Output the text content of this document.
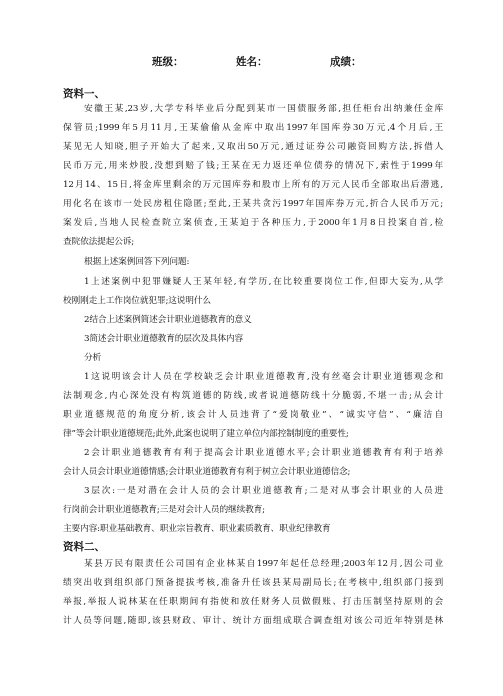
班级：	姓名：	成绩：
资料一、
安徽王某,23岁,大学专科毕业后分配到某市一国债服务部,担任柜台出纳兼任金库
保管员;1999年5月11月,王某偷偷从金库中取出1997年国库券30万元,4个月后,王
某见无人知晓,胆子开始大了起来,又取出50万元,通过证券公司融资回购方法,拆借人
民币万元,用来炒股,没想到赔了钱;王某在无力返还单位债券的情况下,索性于1999年
12月14、15日,将金库里剩余的万元国库券和股市上所有的万元人民币全部取出后潜逃,
用化名在该市一处民房租住隐匿;至此,王某共贪污1997年国库券万元,折合人民币万元;
案发后,当地人民检查院立案侦查,王某迫于各种压力,于2000年1月8日投案自首,检
查院依法提起公诉;
根据上述案例回答下列问题:
1上述案例中犯罪嫌疑人王某年轻,有学历,在比较重要岗位工作,但即大妄为,从学
校刚刚走上工作岗位就犯罪;这说明什么
2结合上述案例简述会计职业道德教育的意义
3简述会计职业道德教育的层次及具体内容
分析
1这说明该会计人员在学校缺乏会计职业道德教育,没有丝毫会计职业道德观念和
法制观念,内心深处没有构筑道德的防线,或者说道德防线十分脆弱,不堪一击;从会计
职业道德规范的角度分析,该会计人员违背了“爱岗敬业”、“诚实守信”、“廉洁自
律”等会计职业道德规范;此外,此案也说明了建立单位内部控制制度的重要性;
2会计职业道德教育有利于提高会计职业道德水平;会计职业道德教育有利于培养
会计人员会计职业道德情感;会计职业道德教育有利于树立会计职业道德信念;
3层次:一是对潜在会计人员的会计职业道德教育;二是对从事会计职业的人员进
行岗前会计职业道德教育;三是对会计人员的继续教育;
主要内容:职业基础教育、职业宗旨教育、职业素质教育、职业纪律教育
资料二、
某县万民有限责任公司国有企业林某自1997年起任总经理;2003年12月,因公司业
绩突出收到组织部门预备提拔考核,准备升任该县某局副局长;在考核中,组织部门接到
举报,举报人说林某在任职期间有指使和放任财务人员做假账、打击压制坚持原则的会
计人员等问题,随即,该县财政、审计、统计方面组成联合调查组对该公司近年特别是林
